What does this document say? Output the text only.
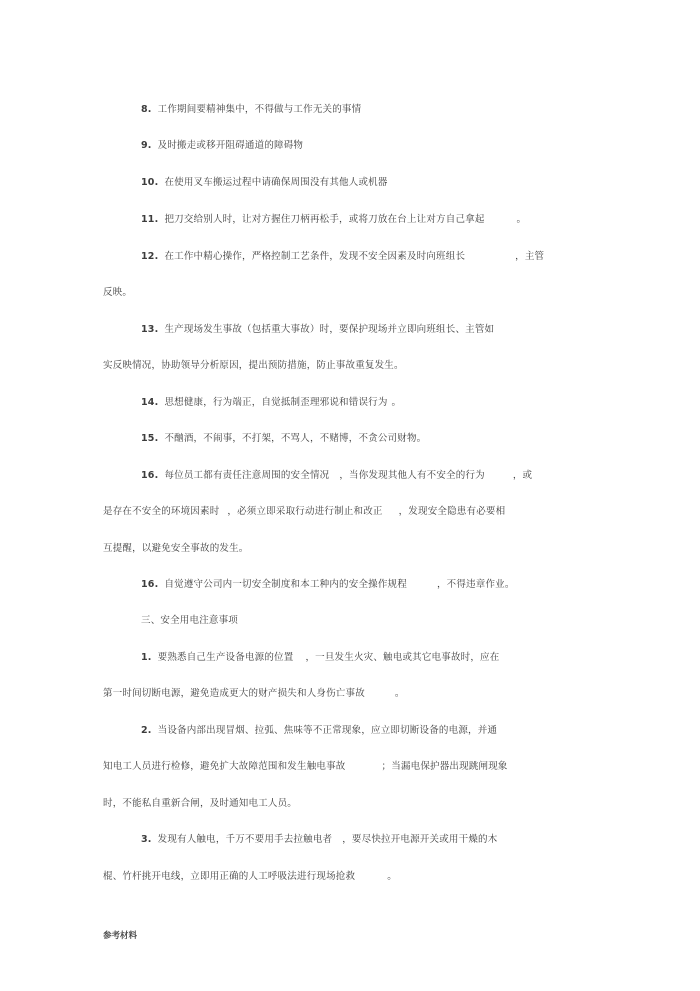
8. 工作期间要精神集中，不得做与工作无关的事情
9. 及时搬走或移开阻碍通道的障碍物
10. 在使用叉车搬运过程中请确保周围没有其他人或机器
11. 把刀交给别人时，让对方握住刀柄再松手，或将刀放在台上让对方自己拿起	。
12. 在工作中精心操作，严格控制工艺条件，发现不安全因素及时向班组长	，主管
反映。
13. 生产现场发生事故（包括重大事故）时，要保护现场并立即向班组长、主管如
实反映情况，协助领导分析原因，提出预防措施，防止事故重复发生。
14. 思想健康，行为端正，自觉抵制歪理邪说和错误行为 。
15. 不酗酒，不闹事，不打架，不骂人，不赌博，不贪公司财物。
16. 每位员工都有责任注意周围的安全情况 ，当你发现其他人有不安全的行为	，或
是存在不安全的环境因素时 ，必须立即采取行动进行制止和改正 ，发现安全隐患有必要相
互提醒，以避免安全事故的发生。
16. 自觉遵守公司内一切安全制度和本工种内的安全操作规程	，不得违章作业。
三、安全用电注意事项
1. 要熟悉自己生产设备电源的位置 ，一旦发生火灾、触电或其它电事故时，应在
第一时间切断电源，避免造成更大的财产损失和人身伤亡事故	。
2. 当设备内部出现冒烟、拉弧、焦味等不正常现象，应立即切断设备的电源，并通
知电工人员进行检修，避免扩大故障范围和发生触电事故	；当漏电保护器出现跳闸现象
时，不能私自重新合闸，及时通知电工人员。
3. 发现有人触电，千万不要用手去拉触电者 ，要尽快拉开电源开关或用干燥的木
棍、竹杆挑开电线，立即用正确的人工呼吸法进行现场抢救	。
参考材料
